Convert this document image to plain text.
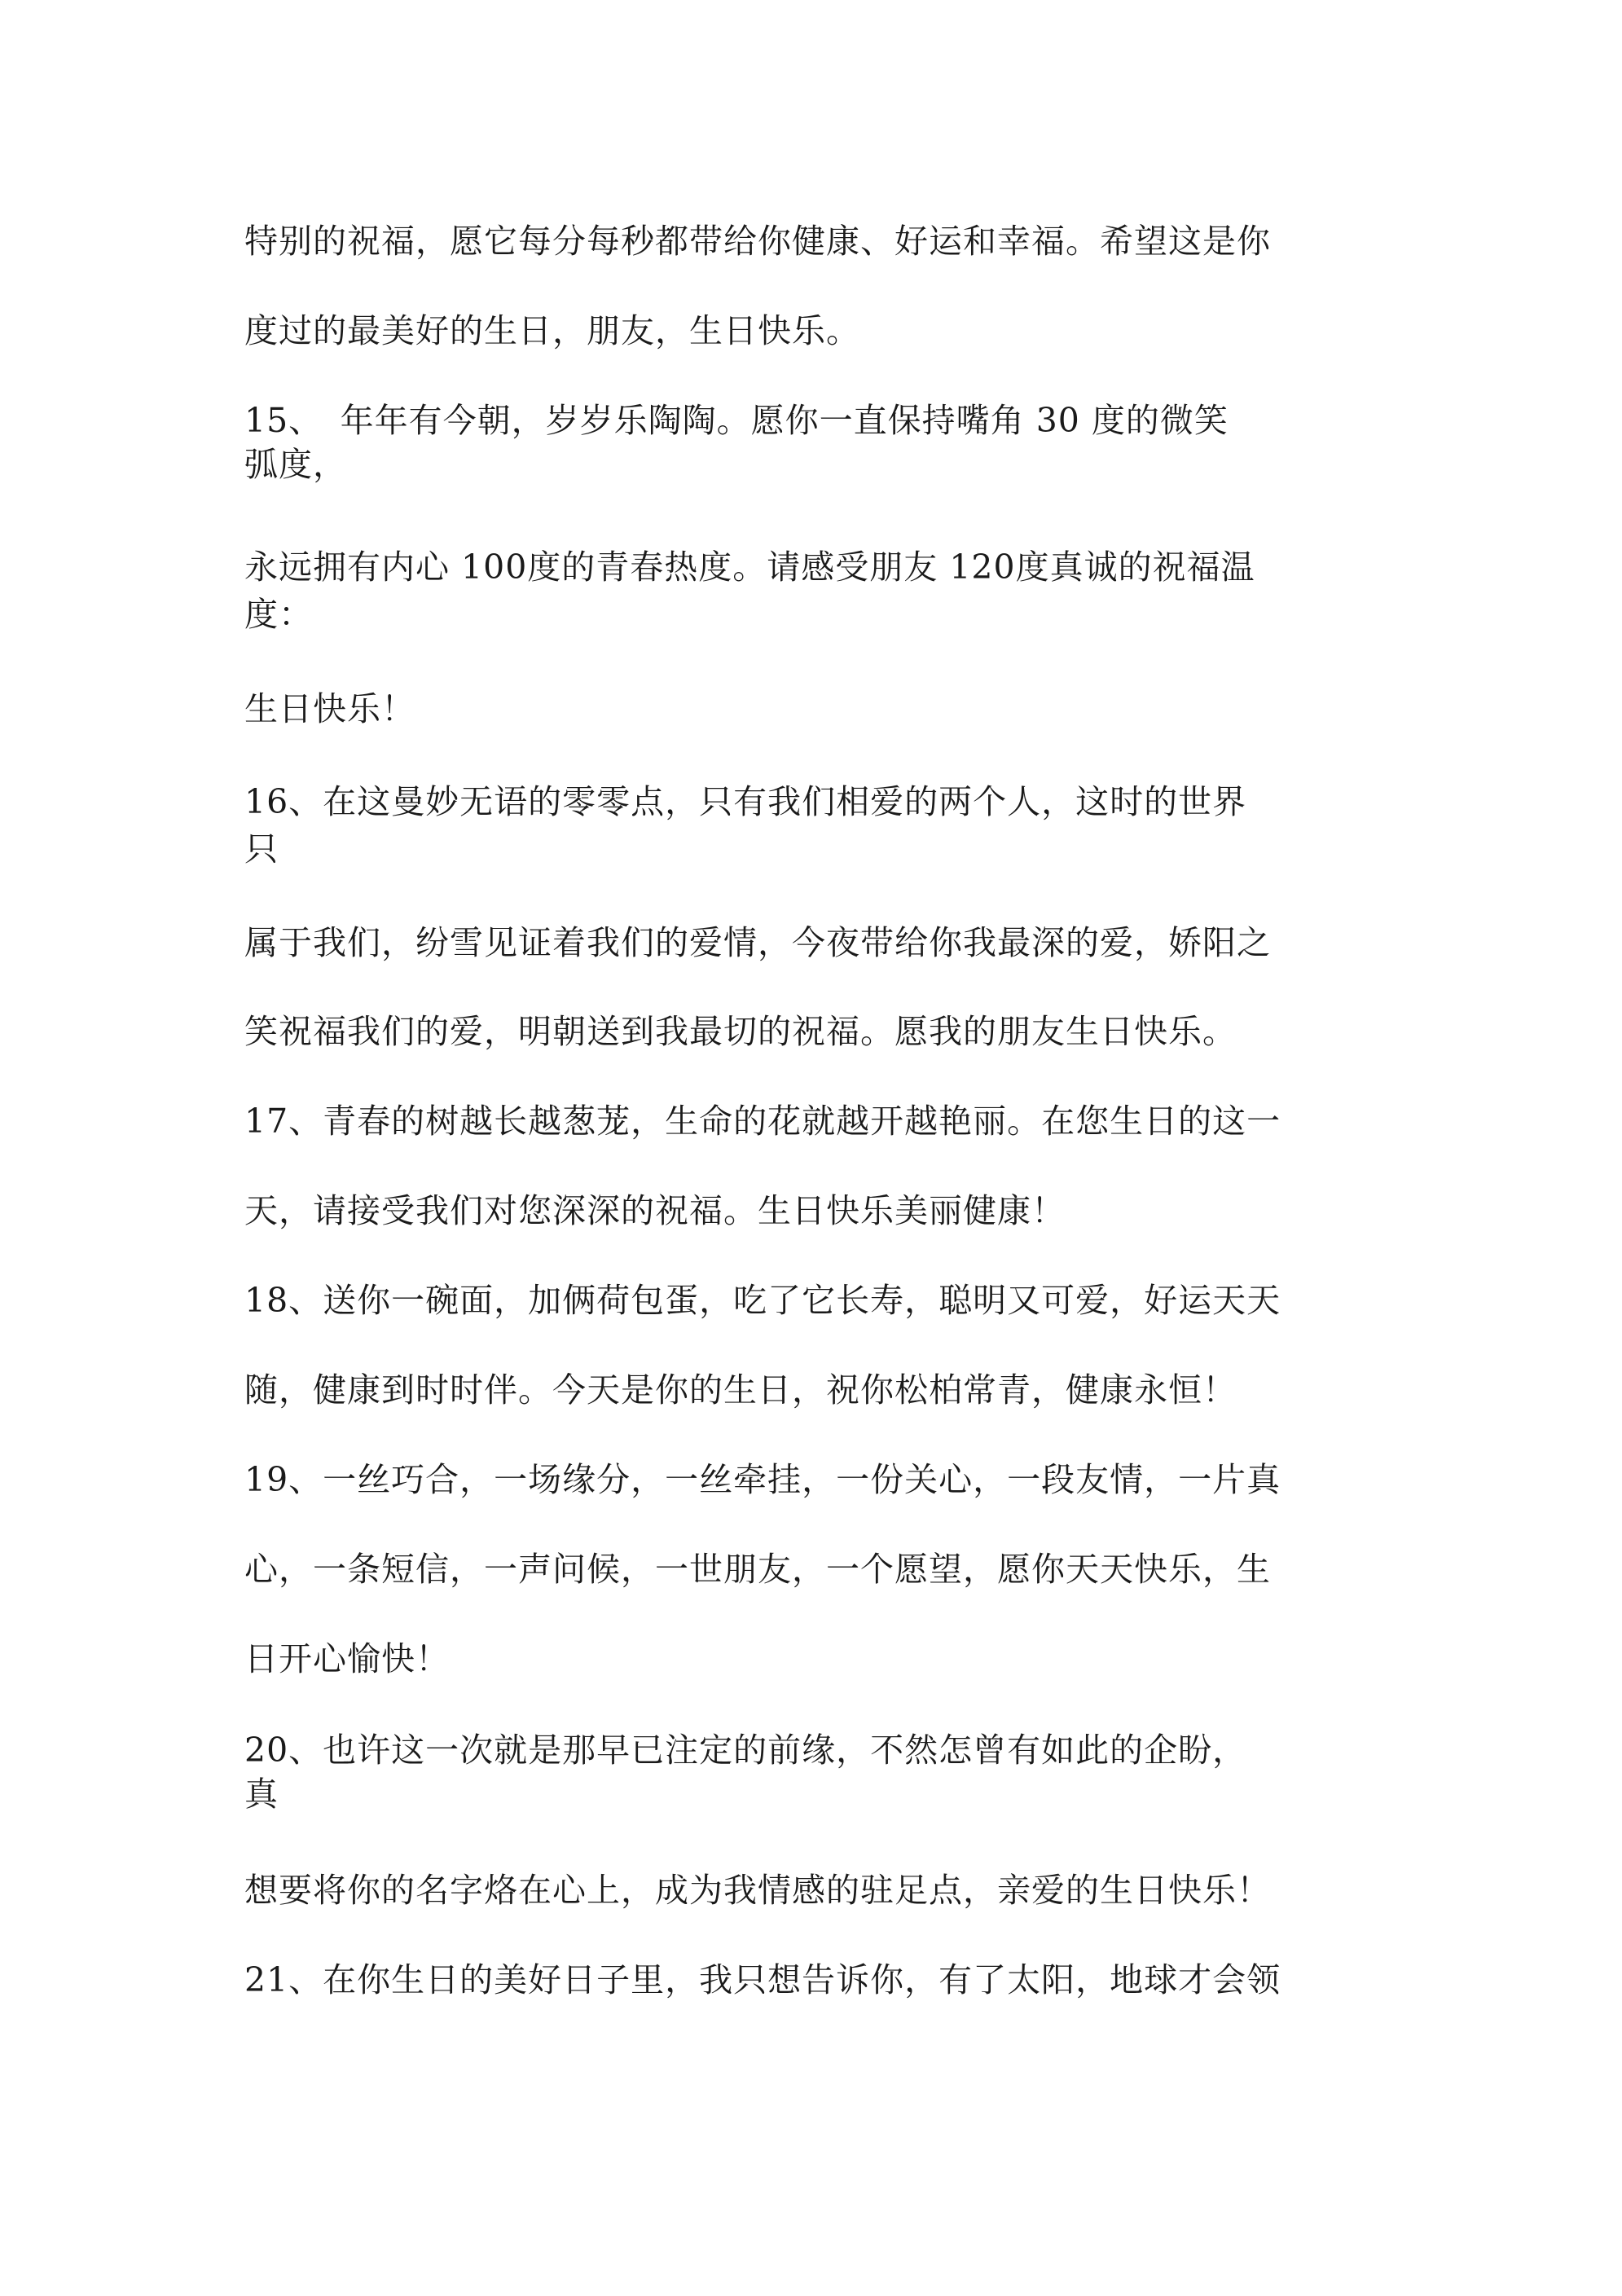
特别的祝福，愿它每分每秒都带给你健康、好运和幸福。希望这是你
度过的最美好的生日，朋友，生日快乐。
15、　年年有今朝，岁岁乐陶陶。愿你一直保持嘴角 30 度的微笑
弧度，
永远拥有内心 100度的青春热度。请感受朋友 120度真诚的祝福温
度：
生日快乐！
16、在这曼妙无语的零零点，只有我们相爱的两个人，这时的世界
只
属于我们，纷雪见证着我们的爱情，今夜带给你我最深的爱，娇阳之
笑祝福我们的爱，明朝送到我最切的祝福。愿我的朋友生日快乐。
17、青春的树越长越葱茏，生命的花就越开越艳丽。在您生日的这一
天，请接受我们对您深深的祝福。生日快乐美丽健康！
18、送你一碗面，加俩荷包蛋，吃了它长寿，聪明又可爱，好运天天
随，健康到时时伴。今天是你的生日，祝你松柏常青，健康永恒！
19、一丝巧合，一场缘分，一丝牵挂，一份关心，一段友情，一片真
心，一条短信，一声问候，一世朋友，一个愿望，愿你天天快乐，生
日开心愉快！
20、也许这一次就是那早已注定的前缘，不然怎曾有如此的企盼，
真
想要将你的名字烙在心上，成为我情感的驻足点，亲爱的生日快乐！
21、在你生日的美好日子里，我只想告诉你，有了太阳，地球才会领
